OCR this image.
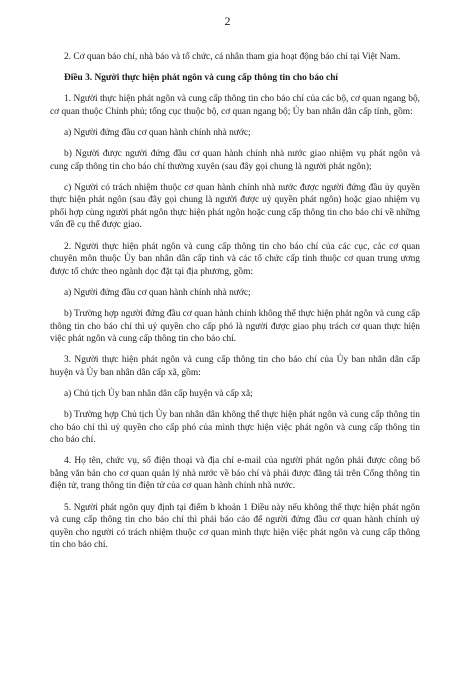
2

2. Cơ quan báo chí, nhà báo và tổ chức, cá nhân tham gia hoạt động báo chí tại Việt Nam.

Điều 3. Người thực hiện phát ngôn và cung cấp thông tin cho báo chí

1. Người thực hiện phát ngôn và cung cấp thông tin cho báo chí của các bộ, cơ quan ngang bộ, cơ quan thuộc Chính phủ; tổng cục thuộc bộ, cơ quan ngang bộ; Ủy ban nhân dân cấp tỉnh, gồm:

a) Người đứng đầu cơ quan hành chính nhà nước;

b) Người được người đứng đầu cơ quan hành chính nhà nước giao nhiệm vụ phát ngôn và cung cấp thông tin cho báo chí thường xuyên (sau đây gọi chung là người phát ngôn);

c) Người có trách nhiệm thuộc cơ quan hành chính nhà nước được người đứng đầu ủy quyền thực hiện phát ngôn (sau đây gọi chung là người được uỷ quyền phát ngôn) hoặc giao nhiệm vụ phối hợp cùng người phát ngôn thực hiện phát ngôn hoặc cung cấp thông tin cho báo chí về những vấn đề cụ thể được giao.

2. Người thực hiện phát ngôn và cung cấp thông tin cho báo chí của các cục, các cơ quan chuyên môn thuộc Ủy ban nhân dân cấp tỉnh và các tổ chức cấp tỉnh thuộc cơ quan trung ương được tổ chức theo ngành dọc đặt tại địa phương, gồm:

a) Người đứng đầu cơ quan hành chính nhà nước;

b) Trường hợp người đứng đầu cơ quan hành chính không thể thực hiện phát ngôn và cung cấp thông tin cho báo chí thì uỷ quyền cho cấp phó là người được giao phụ trách cơ quan thực hiện việc phát ngôn và cung cấp thông tin cho báo chí.

3. Người thực hiện phát ngôn và cung cấp thông tin cho báo chí của Ủy ban nhân dân cấp huyện và Ủy ban nhân dân cấp xã, gồm:

a) Chủ tịch Ủy ban nhân dân cấp huyện và cấp xã;

b) Trường hợp Chủ tịch Ủy ban nhân dân không thể thực hiện phát ngôn và cung cấp thông tin cho báo chí thì uỷ quyền cho cấp phó của mình thực hiện việc phát ngôn và cung cấp thông tin cho báo chí.

4. Họ tên, chức vụ, số điện thoại và địa chỉ e-mail của người phát ngôn phải được công bố bằng văn bản cho cơ quan quản lý nhà nước về báo chí và phải được đăng tải trên Cổng thông tin điện tử, trang thông tin điện tử của cơ quan hành chính nhà nước.

5. Người phát ngôn quy định tại điểm b khoản 1 Điều này nếu không thể thực hiện phát ngôn và cung cấp thông tin cho báo chí thì phải báo cáo để người đứng đầu cơ quan hành chính uỷ quyền cho người có trách nhiệm thuộc cơ quan mình thực hiện việc phát ngôn và cung cấp thông tin cho báo chí.
